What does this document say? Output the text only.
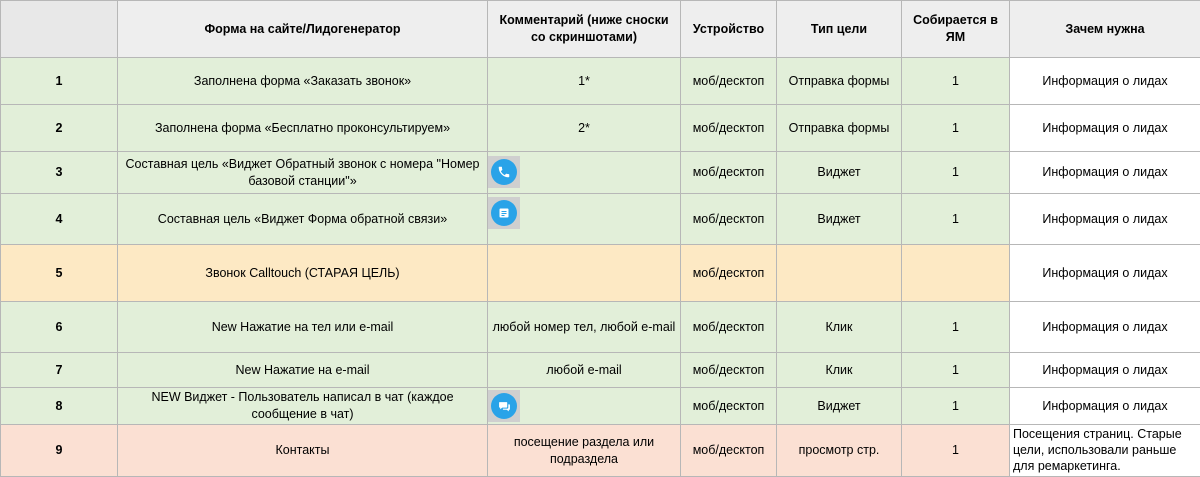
	Форма на сайте/Лидогенератор	Комментарий (ниже сноски со скриншотами)	Устройство	Тип цели	Собирается в ЯМ	Зачем нужна
1	Заполнена форма «Заказать звонок»	1*	моб/десктоп	Отправка формы	1	Информация о лидах
2	Заполнена форма «Бесплатно проконсультируем»	2*	моб/десктоп	Отправка формы	1	Информация о лидах
3	Составная цель «Виджет Обратный звонок с номера "Номер базовой станции"»		моб/десктоп	Виджет	1	Информация о лидах
4	Составная цель «Виджет Форма обратной связи»		моб/десктоп	Виджет	1	Информация о лидах
5	Звонок Calltouch (СТАРАЯ ЦЕЛЬ)		моб/десктоп			Информация о лидах
6	New Нажатие на тел или e-mail	любой номер тел, любой e-mail	моб/десктоп	Клик	1	Информация о лидах
7	New Нажатие на e-mail	любой e-mail	моб/десктоп	Клик	1	Информация о лидах
8	NEW Виджет - Пользователь написал в чат (каждое сообщение в чат)		моб/десктоп	Виджет	1	Информация о лидах
9	Контакты	посещение раздела или подраздела	моб/десктоп	просмотр стр.	1	Посещения страниц. Старые цели, использовали раньше для ремаркетинга.
